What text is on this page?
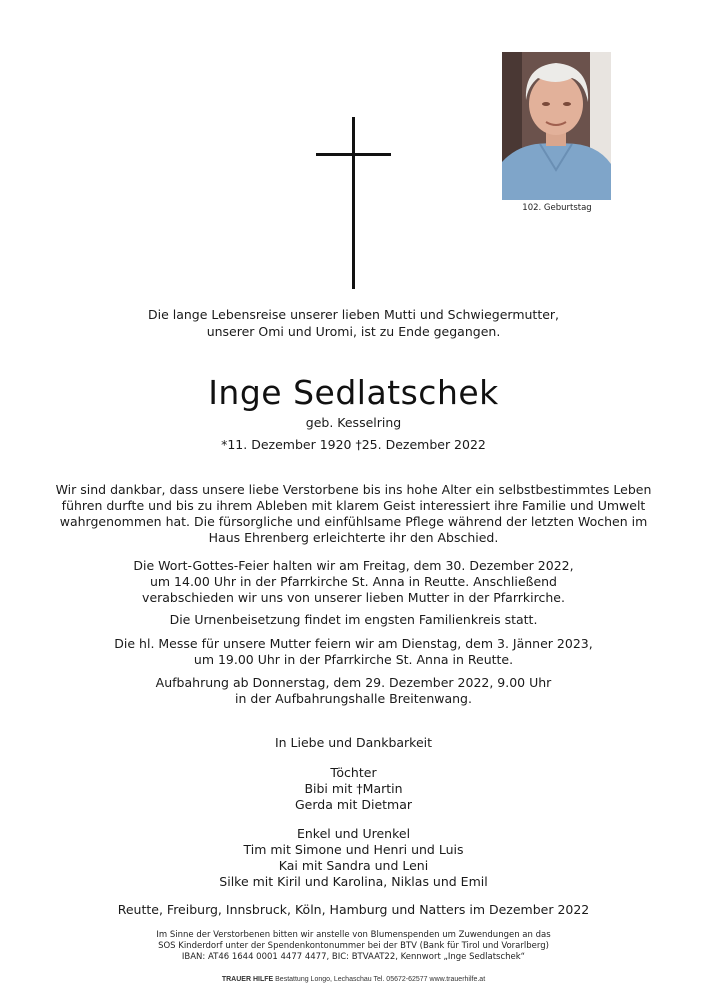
102. Geburtstag
Die lange Lebensreise unserer lieben Mutti und Schwiegermutter,
unserer Omi und Uromi, ist zu Ende gegangen.
Inge Sedlatschek
geb. Kesselring
*11. Dezember 1920 †25. Dezember 2022
Wir sind dankbar, dass unsere liebe Verstorbene bis ins hohe Alter ein selbstbestimmtes Leben
führen durfte und bis zu ihrem Ableben mit klarem Geist interessiert ihre Familie und Umwelt
wahrgenommen hat. Die fürsorgliche und einfühlsame Pflege während der letzten Wochen im
Haus Ehrenberg erleichterte ihr den Abschied.
Die Wort-Gottes-Feier halten wir am Freitag, dem 30. Dezember 2022,
um 14.00 Uhr in der Pfarrkirche St. Anna in Reutte. Anschließend
verabschieden wir uns von unserer lieben Mutter in der Pfarrkirche.
Die Urnenbeisetzung findet im engsten Familienkreis statt.
Die hl. Messe für unsere Mutter feiern wir am Dienstag, dem 3. Jänner 2023,
um 19.00 Uhr in der Pfarrkirche St. Anna in Reutte.
Aufbahrung ab Donnerstag, dem 29. Dezember 2022, 9.00 Uhr
in der Aufbahrungshalle Breitenwang.
In Liebe und Dankbarkeit
Töchter
Bibi mit †Martin
Gerda mit Dietmar
Enkel und Urenkel
Tim mit Simone und Henri und Luis
Kai mit Sandra und Leni
Silke mit Kiril und Karolina, Niklas und Emil
Reutte, Freiburg, Innsbruck, Köln, Hamburg und Natters im Dezember 2022
Im Sinne der Verstorbenen bitten wir anstelle von Blumenspenden um Zuwendungen an das
SOS Kinderdorf unter der Spendenkontonummer bei der BTV (Bank für Tirol und Vorarlberg)
IBAN: AT46 1644 0001 4477 4477, BIC: BTVAAT22, Kennwort „Inge Sedlatschek“
TRAUER HILFE Bestattung Longo, Lechaschau Tel. 05672-62577 www.trauerhilfe.at
